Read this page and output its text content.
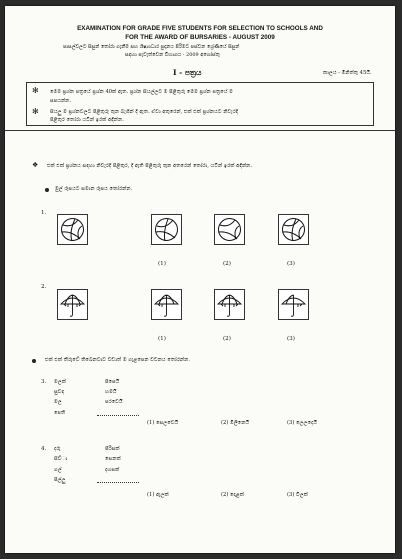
EXAMINATION FOR GRADE FIVE STUDENTS FOR SELECTION TO SCHOOLS AND
FOR THE AWARD OF BURSARIES - AUGUST 2009
පාසල්වලට සිසුන් තෝරා ගැනීම සහ ශිෂ්‍යාධාර පුදානය පිරිමට පස්වන ශ්‍රේණියේ සිසුන්
සඳහා පැවැත්වෙන විභාගය - 2009 අගෝස්තු
I - පත්‍රය	කාලය - මිනිත්තු 45යි.
✻ මෙම ප්‍රශ්න පත්‍රයේ ප්‍රශ්න 40ක් ඇත. ප්‍රශ්න සියල්ලට ම පිළිතුරු මෙම ප්‍රශ්න පත්‍රයේ ම
සපයන්න.
✻ සියලු ම ප්‍රශ්නවලට පිළිතුරු තුන බැගින් දී ඇත. ඒවා අතුරෙන්, එක් එක් ප්‍රශ්නයට නිවැරදි
පිළිතුර තෝරා යටින් ඉරක් අඳින්න.
❖ එක් එක් ප්‍රශ්නය සඳහා නිවැරදි පිළිතුර, දී ඇති පිළිතුරු තුන අතරෙන් තෝරා, යටින් ඉරක් අඳින්න.
මුල් රූපයට සමාන රූපය තෝරන්න.
1.
(1)	(2)	(3)
2.
(1)	(2)	(3)
එක් එක් තීරුවේ තිබෙනවාට වඩාත් ම ගැළපෙන වචනය තෝරන්න.
3. මලක්	පිපෙයි
සුවඳ	හමයි
මල	පරවෙයි
පෙති
(1) සෙලවෙයි	(2) මිලිනෙයි	(3) ලෙලදෙයි
4. දරු	පිරිසක්
සිව්ා	සෙනක්
ගල්	දහසක්
පිල්ලු
(1) ඇලක්	(2) දොළක්	(3) විලක්
